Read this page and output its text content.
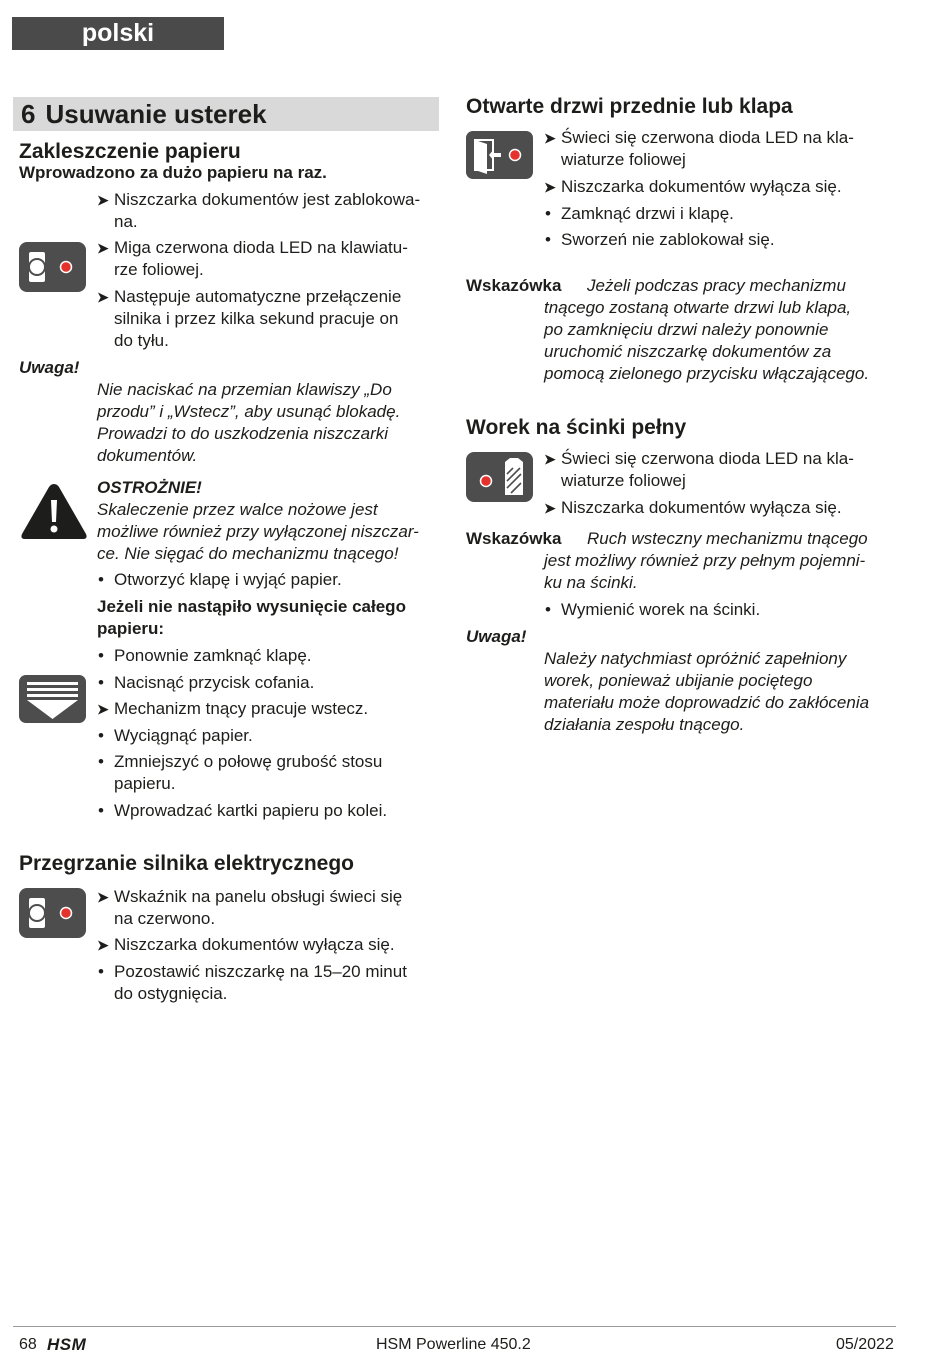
polski
6 Usuwanie usterek
Zakleszczenie papieru
Wprowadzono za dużo papieru na raz.
➤ Niszczarka dokumentów jest zablokowa-
na.
➤ Miga czerwona dioda LED na klawiatu-
rze foliowej.
➤ Następuje automatyczne przełączenie
silnika i przez kilka sekund pracuje on
do tyłu.
Uwaga!
Nie naciskać na przemian klawiszy „Do
przodu” i „Wstecz”, aby usunąć blokadę.
Prowadzi to do uszkodzenia niszczarki
dokumentów.
OSTROŻNIE!
Skaleczenie przez walce nożowe jest
możliwe również przy wyłączonej niszczar-
ce. Nie sięgać do mechanizmu tnącego!
• Otworzyć klapę i wyjąć papier.
Jeżeli nie nastąpiło wysunięcie całego
papieru:
• Ponownie zamknąć klapę.
• Nacisnąć przycisk cofania.
➤ Mechanizm tnący pracuje wstecz.
• Wyciągnąć papier.
• Zmniejszyć o połowę grubość stosu
papieru.
• Wprowadzać kartki papieru po kolei.
Przegrzanie silnika elektrycznego
➤ Wskaźnik na panelu obsługi świeci się
na czerwono.
➤ Niszczarka dokumentów wyłącza się.
• Pozostawić niszczarkę na 15–20 minut
do ostygnięcia.
Otwarte drzwi przednie lub klapa
➤ Świeci się czerwona dioda LED na kla-
wiaturze foliowej
➤ Niszczarka dokumentów wyłącza się.
• Zamknąć drzwi i klapę.
• Sworzeń nie zablokował się.
Wskazówka Jeżeli podczas pracy mechanizmu
tnącego zostaną otwarte drzwi lub klapa,
po zamknięciu drzwi należy ponownie
uruchomić niszczarkę dokumentów za
pomocą zielonego przycisku włączającego.
Worek na ścinki pełny
➤ Świeci się czerwona dioda LED na kla-
wiaturze foliowej
➤ Niszczarka dokumentów wyłącza się.
Wskazówka Ruch wsteczny mechanizmu tnącego
jest możliwy również przy pełnym pojemni-
ku na ścinki.
• Wymienić worek na ścinki.
Uwaga!
Należy natychmiast opróżnić zapełniony
worek, ponieważ ubijanie pociętego
materiału może doprowadzić do zakłócenia
działania zespołu tnącego.
68 HSM	HSM Powerline 450.2	05/2022
